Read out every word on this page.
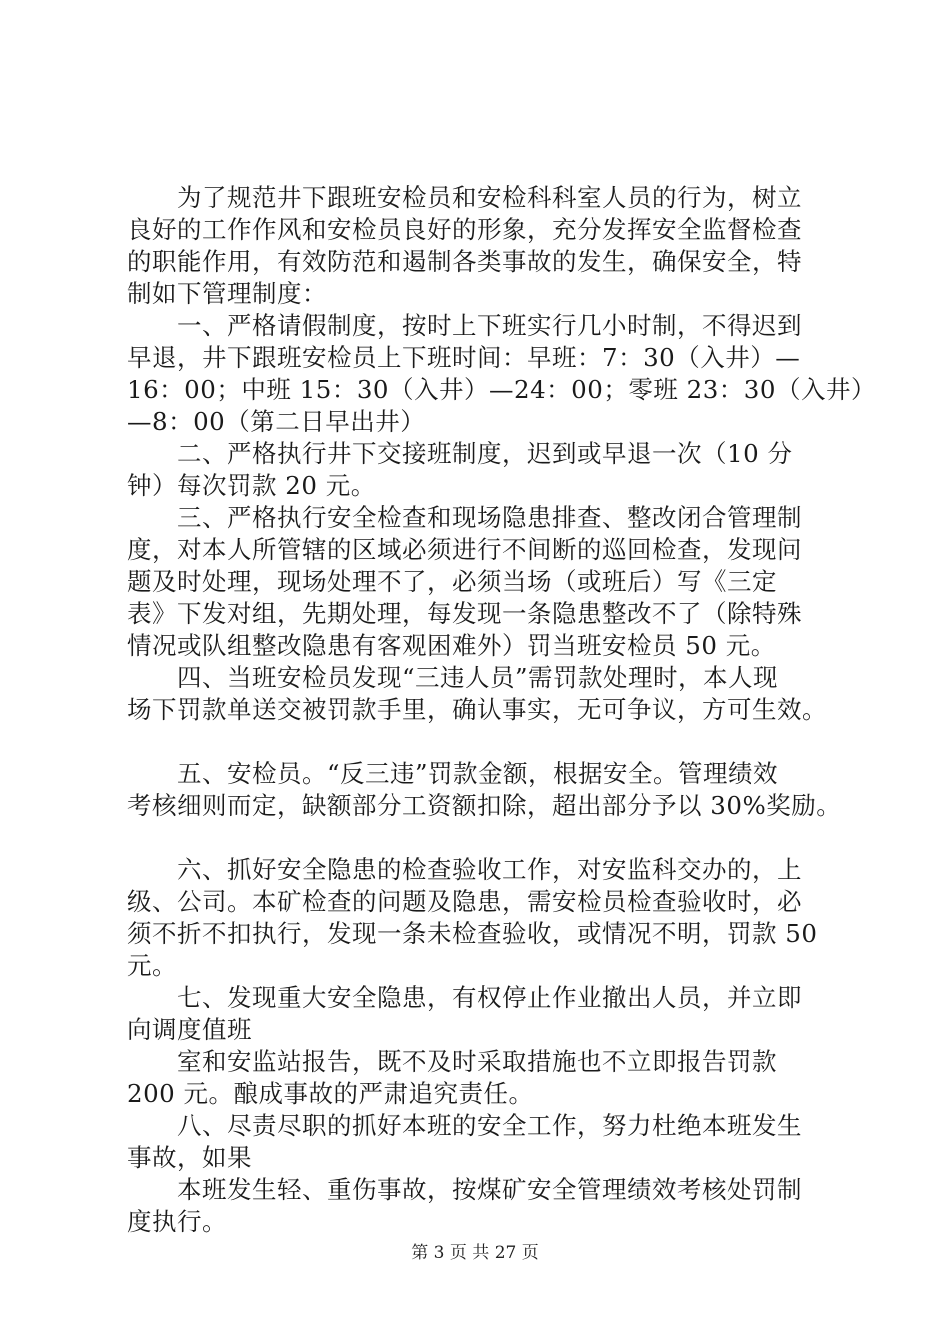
　　为了规范井下跟班安检员和安检科科室人员的行为，树立
良好的工作作风和安检员良好的形象，充分发挥安全监督检查
的职能作用，有效防范和遏制各类事故的发生，确保安全，特
制如下管理制度：
　　一、严格请假制度，按时上下班实行几小时制，不得迟到
早退，井下跟班安检员上下班时间：早班：7：30（入井）—
16：00；中班 15：30（入井）—24：00；零班 23：30（入井）
—8：00（第二日早出井）
　　二、严格执行井下交接班制度，迟到或早退一次（10 分
钟）每次罚款 20 元。
　　三、严格执行安全检查和现场隐患排查、整改闭合管理制
度，对本人所管辖的区域必须进行不间断的巡回检查，发现问
题及时处理，现场处理不了，必须当场（或班后）写《三定
表》下发对组，先期处理，每发现一条隐患整改不了（除特殊
情况或队组整改隐患有客观困难外）罚当班安检员 50 元。
　　四、当班安检员发现“三违人员”需罚款处理时，本人现
场下罚款单送交被罚款手里，确认事实，无可争议，方可生效。
　　五、安检员。“反三违”罚款金额，根据安全。管理绩效
考核细则而定，缺额部分工资额扣除，超出部分予以 30%奖励。
　　六、抓好安全隐患的检查验收工作，对安监科交办的，上
级、公司。本矿检查的问题及隐患，需安检员检查验收时，必
须不折不扣执行，发现一条未检查验收，或情况不明，罚款 50
元。
　　七、发现重大安全隐患，有权停止作业撤出人员，并立即
向调度值班
　　室和安监站报告，既不及时采取措施也不立即报告罚款
200 元。酿成事故的严肃追究责任。
　　八、尽责尽职的抓好本班的安全工作，努力杜绝本班发生
事故，如果
　　本班发生轻、重伤事故，按煤矿安全管理绩效考核处罚制
度执行。
第 3 页 共 27 页
